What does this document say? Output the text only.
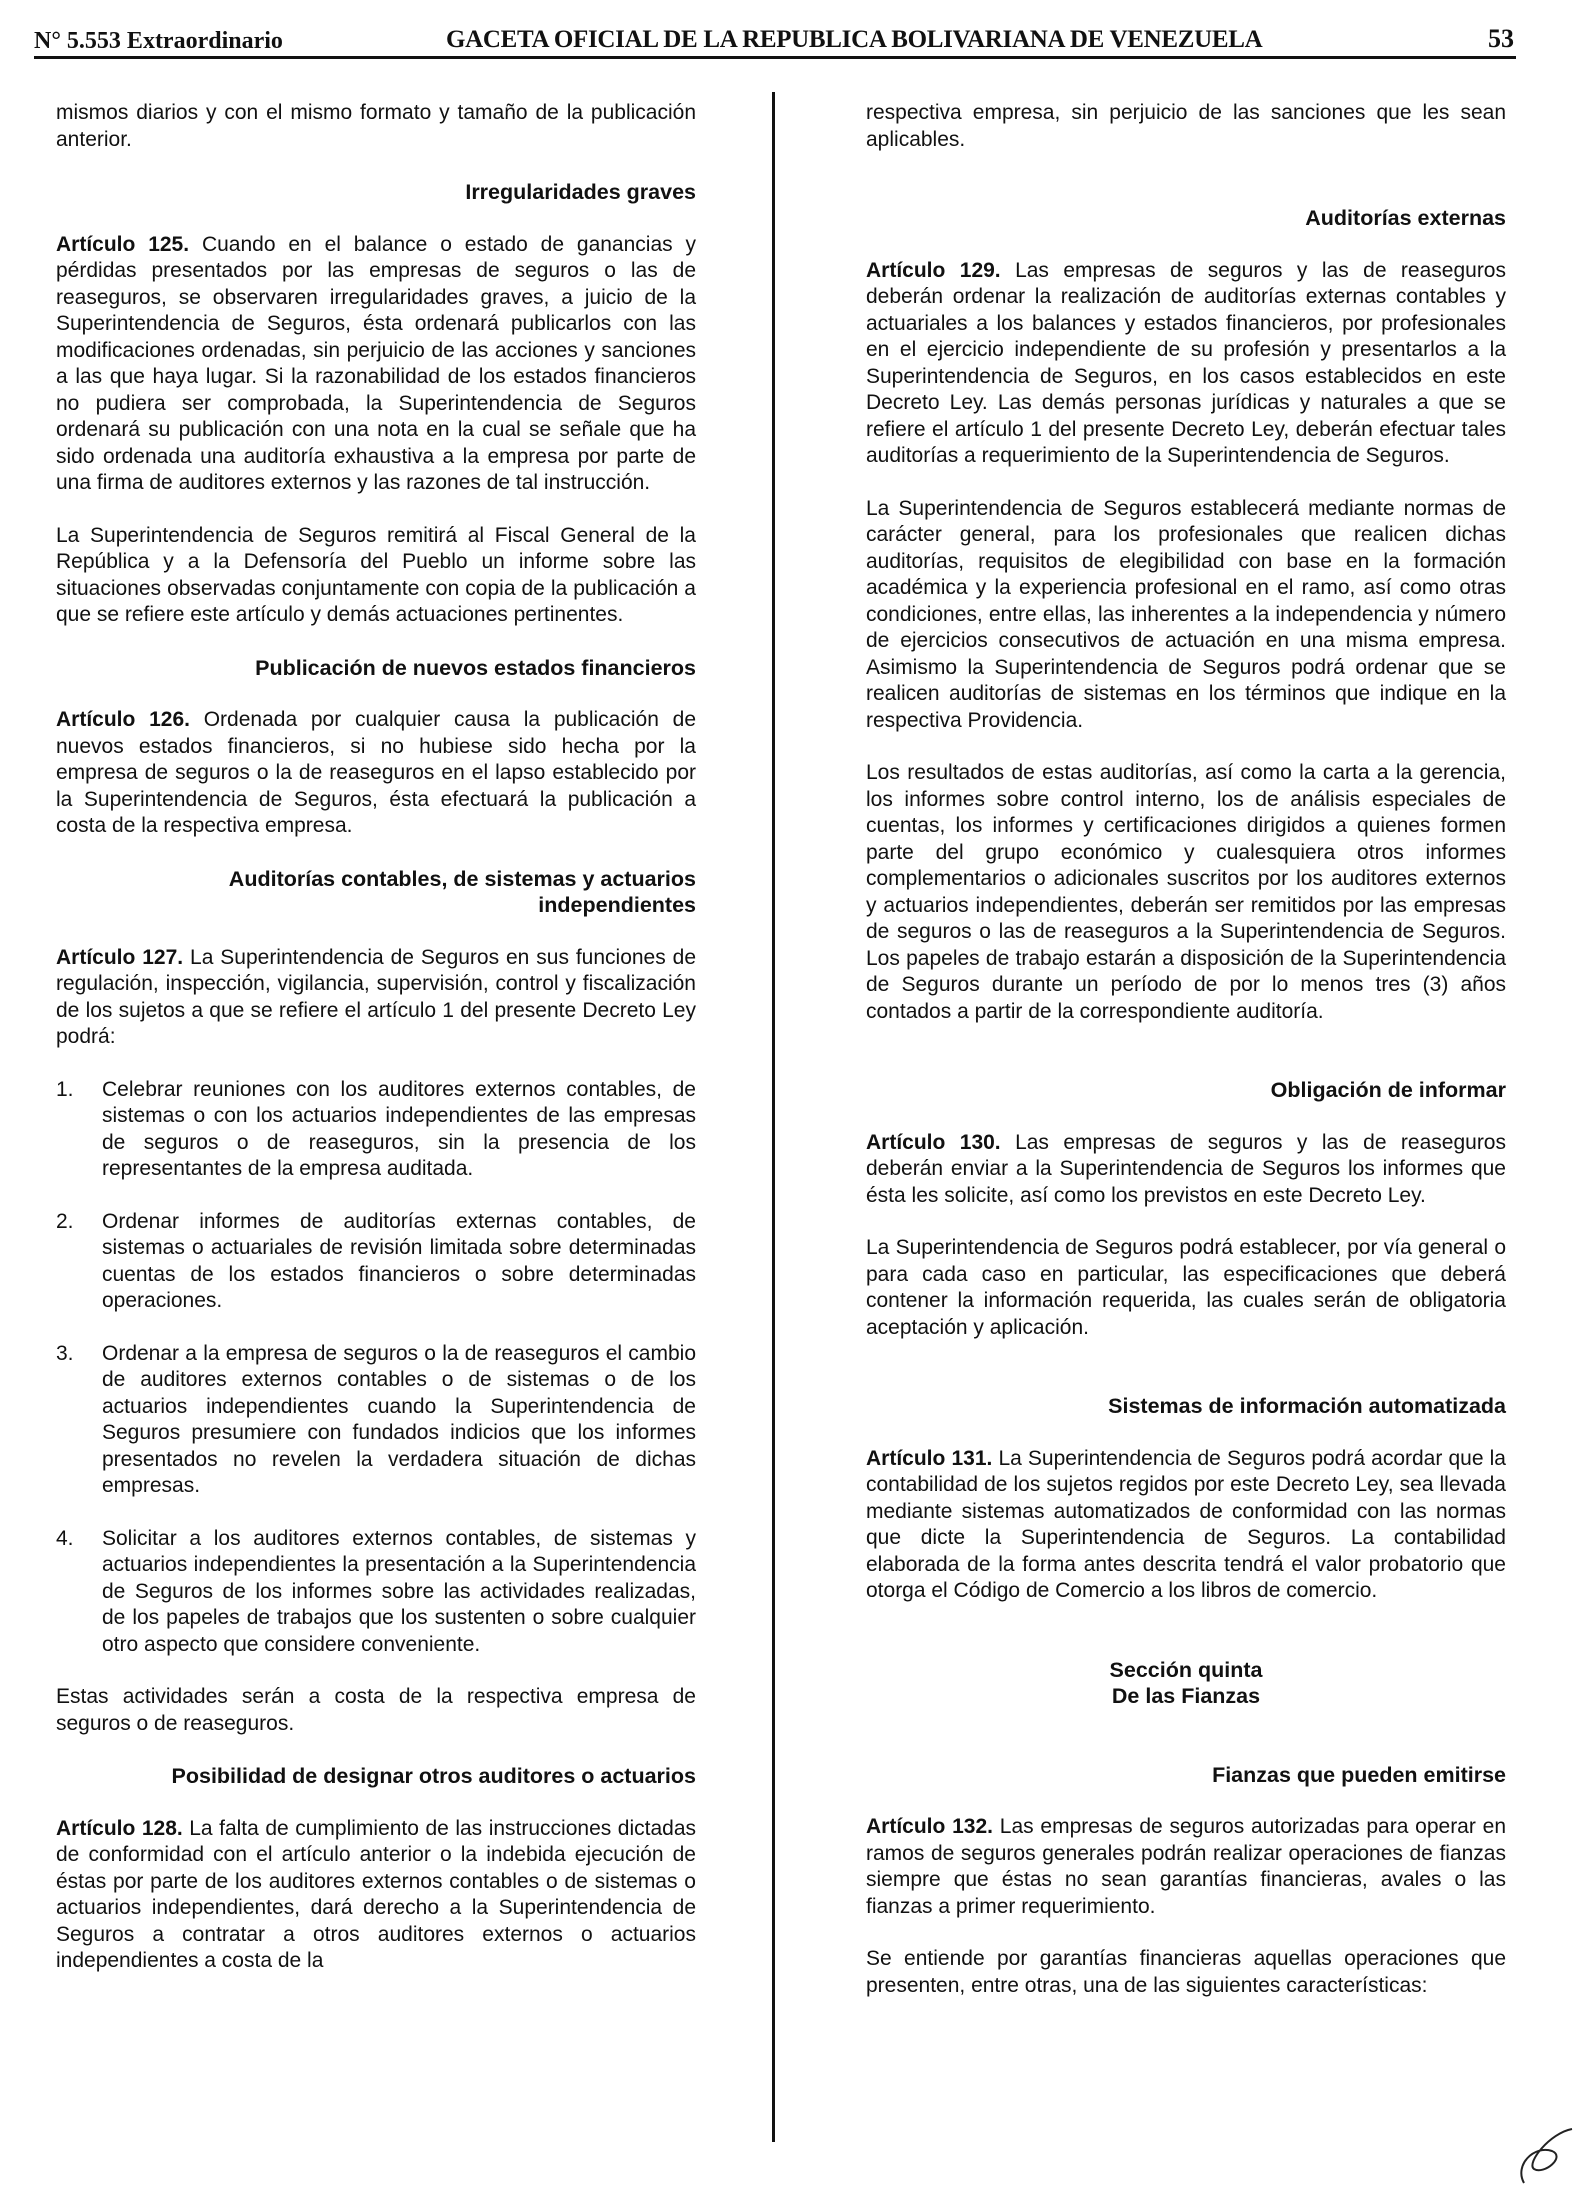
N° 5.553 Extraordinario	GACETA OFICIAL DE LA REPUBLICA BOLIVARIANA DE VENEZUELA	53

mismos diarios y con el mismo formato y tamaño de la publicación anterior.

Irregularidades graves

Artículo 125. Cuando en el balance o estado de ganancias y pérdidas presentados por las empresas de seguros o las de reaseguros, se observaren irregularidades graves, a juicio de la Superintendencia de Seguros, ésta ordenará publicarlos con las modificaciones ordenadas, sin perjuicio de las acciones y sanciones a las que haya lugar. Si la razonabilidad de los estados financieros no pudiera ser comprobada, la Superintendencia de Seguros ordenará su publicación con una nota en la cual se señale que ha sido ordenada una auditoría exhaustiva a la empresa por parte de una firma de auditores externos y las razones de tal instrucción.

La Superintendencia de Seguros remitirá al Fiscal General de la República y a la Defensoría del Pueblo un informe sobre las situaciones observadas conjuntamente con copia de la publicación a que se refiere este artículo y demás actuaciones pertinentes.

Publicación de nuevos estados financieros

Artículo 126. Ordenada por cualquier causa la publicación de nuevos estados financieros, si no hubiese sido hecha por la empresa de seguros o la de reaseguros en el lapso establecido por la Superintendencia de Seguros, ésta efectuará la publicación a costa de la respectiva empresa.

Auditorías contables, de sistemas y actuarios

independientes

Artículo 127. La Superintendencia de Seguros en sus funciones de regulación, inspección, vigilancia, supervisión, control y fiscalización de los sujetos a que se refiere el artículo 1 del presente Decreto Ley podrá:

1. Celebrar reuniones con los auditores externos contables, de sistemas o con los actuarios independientes de las empresas de seguros o de reaseguros, sin la presencia de los representantes de la empresa auditada.
2. Ordenar informes de auditorías externas contables, de sistemas o actuariales de revisión limitada sobre determinadas cuentas de los estados financieros o sobre determinadas operaciones.
3. Ordenar a la empresa de seguros o la de reaseguros el cambio de auditores externos contables o de sistemas o de los actuarios independientes cuando la Superintendencia de Seguros presumiere con fundados indicios que los informes presentados no revelen la verdadera situación de dichas empresas.
4. Solicitar a los auditores externos contables, de sistemas y actuarios independientes la presentación a la Superintendencia de Seguros de los informes sobre las actividades realizadas, de los papeles de trabajos que los sustenten o sobre cualquier otro aspecto que considere conveniente.

Estas actividades serán a costa de la respectiva empresa de seguros o de reaseguros.

Posibilidad de designar otros auditores o actuarios

Artículo 128. La falta de cumplimiento de las instrucciones dictadas de conformidad con el artículo anterior o la indebida ejecución de éstas por parte de los auditores externos contables o de sistemas o actuarios independientes, dará derecho a la Superintendencia de Seguros a contratar a otros auditores externos o actuarios independientes a costa de la

respectiva empresa, sin perjuicio de las sanciones que les sean aplicables.

Auditorías externas

Artículo 129. Las empresas de seguros y las de reaseguros deberán ordenar la realización de auditorías externas contables y actuariales a los balances y estados financieros, por profesionales en el ejercicio independiente de su profesión y presentarlos a la Superintendencia de Seguros, en los casos establecidos en este Decreto Ley. Las demás personas jurídicas y naturales a que se refiere el artículo 1 del presente Decreto Ley, deberán efectuar tales auditorías a requerimiento de la Superintendencia de Seguros.

La Superintendencia de Seguros establecerá mediante normas de carácter general, para los profesionales que realicen dichas auditorías, requisitos de elegibilidad con base en la formación académica y la experiencia profesional en el ramo, así como otras condiciones, entre ellas, las inherentes a la independencia y número de ejercicios consecutivos de actuación en una misma empresa. Asimismo la Superintendencia de Seguros podrá ordenar que se realicen auditorías de sistemas en los términos que indique en la respectiva Providencia.

Los resultados de estas auditorías, así como la carta a la gerencia, los informes sobre control interno, los de análisis especiales de cuentas, los informes y certificaciones dirigidos a quienes formen parte del grupo económico y cualesquiera otros informes complementarios o adicionales suscritos por los auditores externos y actuarios independientes, deberán ser remitidos por las empresas de seguros o las de reaseguros a la Superintendencia de Seguros. Los papeles de trabajo estarán a disposición de la Superintendencia de Seguros durante un período de por lo menos tres (3) años contados a partir de la correspondiente auditoría.

Obligación de informar

Artículo 130. Las empresas de seguros y las de reaseguros deberán enviar a la Superintendencia de Seguros los informes que ésta les solicite, así como los previstos en este Decreto Ley.

La Superintendencia de Seguros podrá establecer, por vía general o para cada caso en particular, las especificaciones que deberá contener la información requerida, las cuales serán de obligatoria aceptación y aplicación.

Sistemas de información automatizada

Artículo 131. La Superintendencia de Seguros podrá acordar que la contabilidad de los sujetos regidos por este Decreto Ley, sea llevada mediante sistemas automatizados de conformidad con las normas que dicte la Superintendencia de Seguros. La contabilidad elaborada de la forma antes descrita tendrá el valor probatorio que otorga el Código de Comercio a los libros de comercio.

Sección quinta

De las Fianzas

Fianzas que pueden emitirse

Artículo 132. Las empresas de seguros autorizadas para operar en ramos de seguros generales podrán realizar operaciones de fianzas siempre que éstas no sean garantías financieras, avales o las fianzas a primer requerimiento.

Se entiende por garantías financieras aquellas operaciones que presenten, entre otras, una de las siguientes características:
